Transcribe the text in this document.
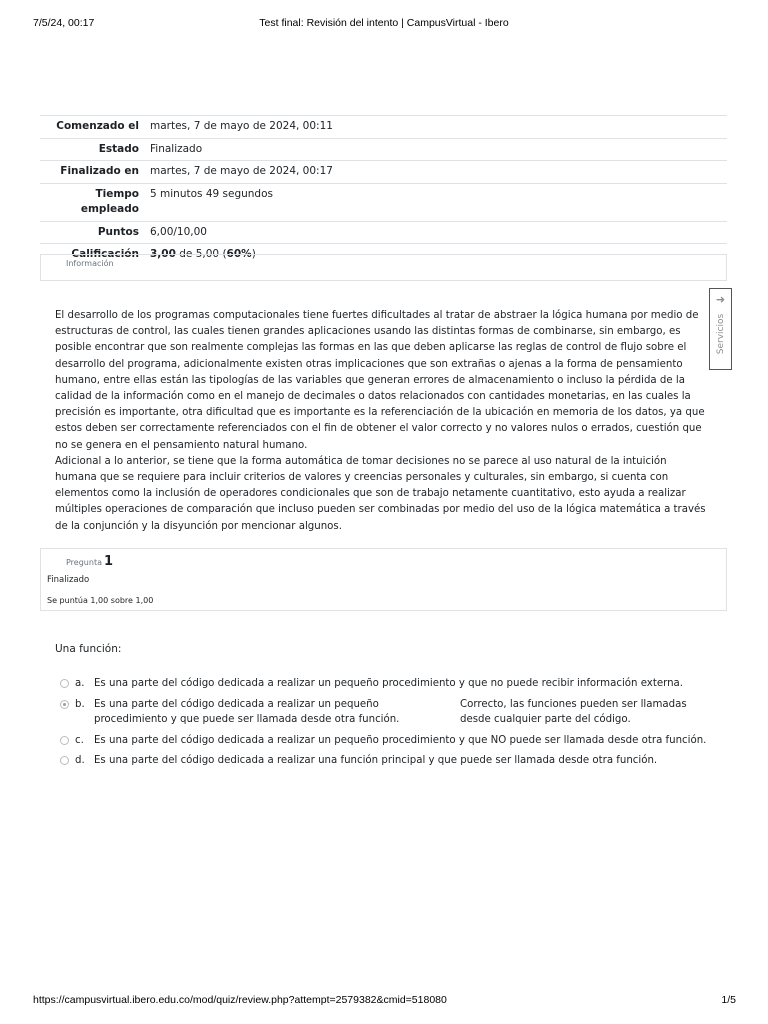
7/5/24, 00:17	Test final: Revisión del intento | CampusVirtual - Ibero
Comenzado el	martes, 7 de mayo de 2024, 00:11
Estado	Finalizado
Finalizado en	martes, 7 de mayo de 2024, 00:17
Tiempo empleado	5 minutos 49 segundos
Puntos	6,00/10,00
Calificación	3,00 de 5,00 (60%)
Información

El desarrollo de los programas computacionales tiene fuertes dificultades al tratar de abstraer la lógica humana por medio de estructuras de control, las cuales tienen grandes aplicaciones usando las distintas formas de combinarse, sin embargo, es posible encontrar que son realmente complejas las formas en las que deben aplicarse las reglas de control de flujo sobre el desarrollo del programa, adicionalmente existen otras implicaciones que son extrañas o ajenas a la forma de pensamiento humano, entre ellas están las tipologías de las variables que generan errores de almacenamiento o incluso la pérdida de la calidad de la información como en el manejo de decimales o datos relacionados con cantidades monetarias, en las cuales la precisión es importante, otra dificultad que es importante es la referenciación de la ubicación en memoria de los datos, ya que estos deben ser correctamente referenciados con el fin de obtener el valor correcto y no valores nulos o errados, cuestión que no se genera en el pensamiento natural humano.

Adicional a lo anterior, se tiene que la forma automática de tomar decisiones no se parece al uso natural de la intuición humana que se requiere para incluir criterios de valores y creencias personales y culturales, sin embargo, si cuenta con elementos como la inclusión de operadores condicionales que son de trabajo netamente cuantitativo, esto ayuda a realizar múltiples operaciones de comparación que incluso pueden ser combinadas por medio del uso de la lógica matemática a través de la conjunción y la disyunción por mencionar algunos.

➜
Servicios
Pregunta 1
Finalizado
Se puntúa 1,00 sobre 1,00
Una función:
a. Es una parte del código dedicada a realizar un pequeño procedimiento y que no puede recibir información externa.
b. Es una parte del código dedicada a realizar un pequeño procedimiento y que puede ser llamada desde otra función.
Correcto, las funciones pueden ser llamadas desde cualquier parte del código.
c. Es una parte del código dedicada a realizar un pequeño procedimiento y que NO puede ser llamada desde otra función.
d. Es una parte del código dedicada a realizar una función principal y que puede ser llamada desde otra función.
https://campusvirtual.ibero.edu.co/mod/quiz/review.php?attempt=2579382&cmid=518080	1/5
